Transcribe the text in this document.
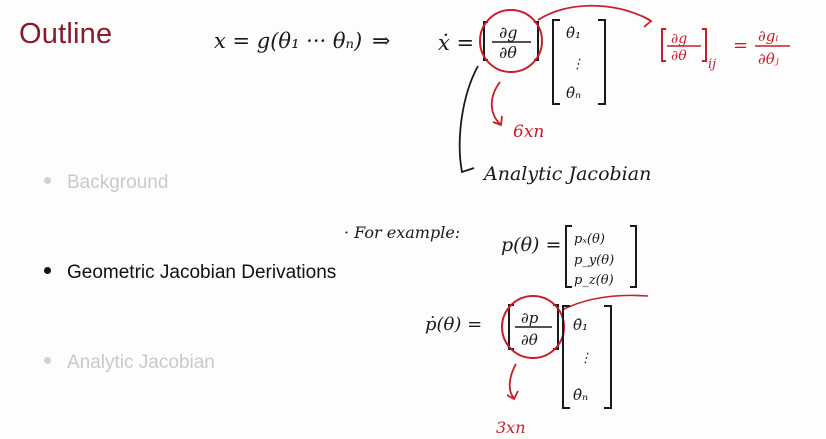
Outline
Background
Geometric Jacobian Derivations
Analytic Jacobian
x = g(θ₁ ··· θₙ) ⇒ ẋ = ∂g
∂θ
θ̇₁
⋮
θ̇ₙ
∂g
∂θ
ij
= ∂gᵢ
∂θⱼ
6xn
Analytic Jacobian
· For example:
p(θ) = pₓ(θ)
p_y(θ)
p_z(θ)
ṗ(θ) =	∂p
∂θ
θ̇₁
⋮
θ̇ₙ
3xn
